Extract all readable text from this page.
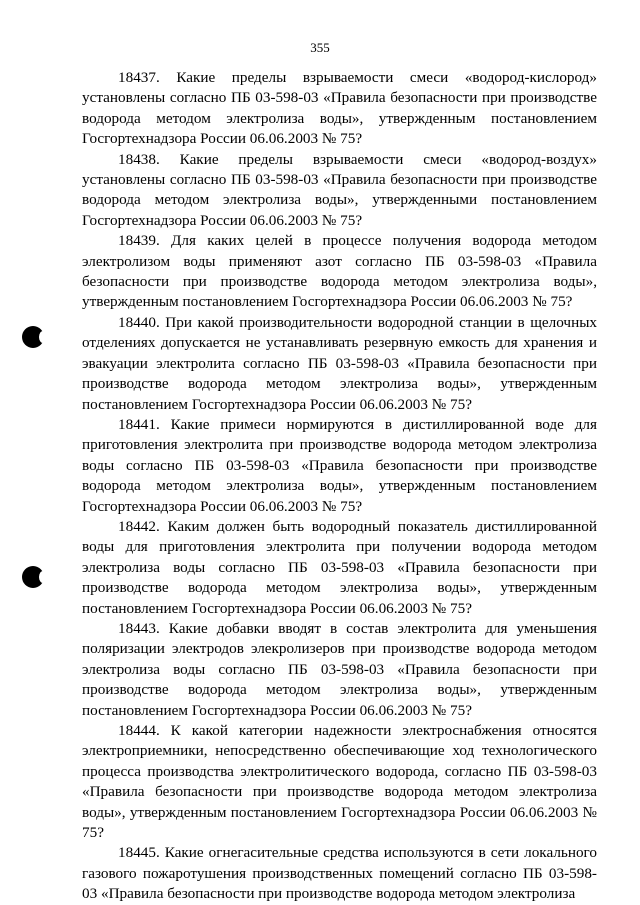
355

18437. Какие пределы взрываемости смеси «водород-кислород» установлены согласно ПБ 03-598-03 «Правила безопасности при производстве водорода методом электролиза воды», утвержденным постановлением Госгортехнадзора России 06.06.2003 № 75?

18438. Какие пределы взрываемости смеси «водород-воздух» установлены согласно ПБ 03-598-03 «Правила безопасности при производстве водорода методом электролиза воды», утвержденными постановлением Госгортехнадзора России 06.06.2003 № 75?

18439. Для каких целей в процессе получения водорода методом электролизом воды применяют азот согласно ПБ 03-598-03 «Правила безопасности при производстве водорода методом электролиза воды», утвержденным постановлением Госгортехнадзора России 06.06.2003 № 75?

18440. При какой производительности водородной станции в щелочных отделениях допускается не устанавливать резервную емкость для хранения и эвакуации электролита согласно ПБ 03-598-03 «Правила безопасности при производстве водорода методом электролиза воды», утвержденным постановлением Госгортехнадзора России 06.06.2003 № 75?

18441. Какие примеси нормируются в дистиллированной воде для приготовления электролита при производстве водорода методом электролиза воды согласно ПБ 03-598-03 «Правила безопасности при производстве водорода методом электролиза воды», утвержденным постановлением Госгортехнадзора России 06.06.2003 № 75?

18442. Каким должен быть водородный показатель дистиллированной воды для приготовления электролита при получении водорода методом электролиза воды согласно ПБ 03-598-03 «Правила безопасности при производстве водорода методом электролиза воды», утвержденным постановлением Госгортехнадзора России 06.06.2003 № 75?

18443. Какие добавки вводят в состав электролита для уменьшения поляризации электродов элекролизеров при производстве водорода методом электролиза воды согласно ПБ 03-598-03 «Правила безопасности при производстве водорода методом электролиза воды», утвержденным постановлением Госгортехнадзора России 06.06.2003 № 75?

18444. К какой категории надежности электроснабжения относятся электроприемники, непосредственно обеспечивающие ход технологического процесса производства электролитического водорода, согласно ПБ 03-598-03 «Правила безопасности при производстве водорода методом электролиза воды», утвержденным постановлением Госгортехнадзора России 06.06.2003 № 75?

18445. Какие огнегасительные средства используются в сети локального газового пожаротушения производственных помещений согласно ПБ 03-598-03 «Правила безопасности при производстве водорода методом электролиза
